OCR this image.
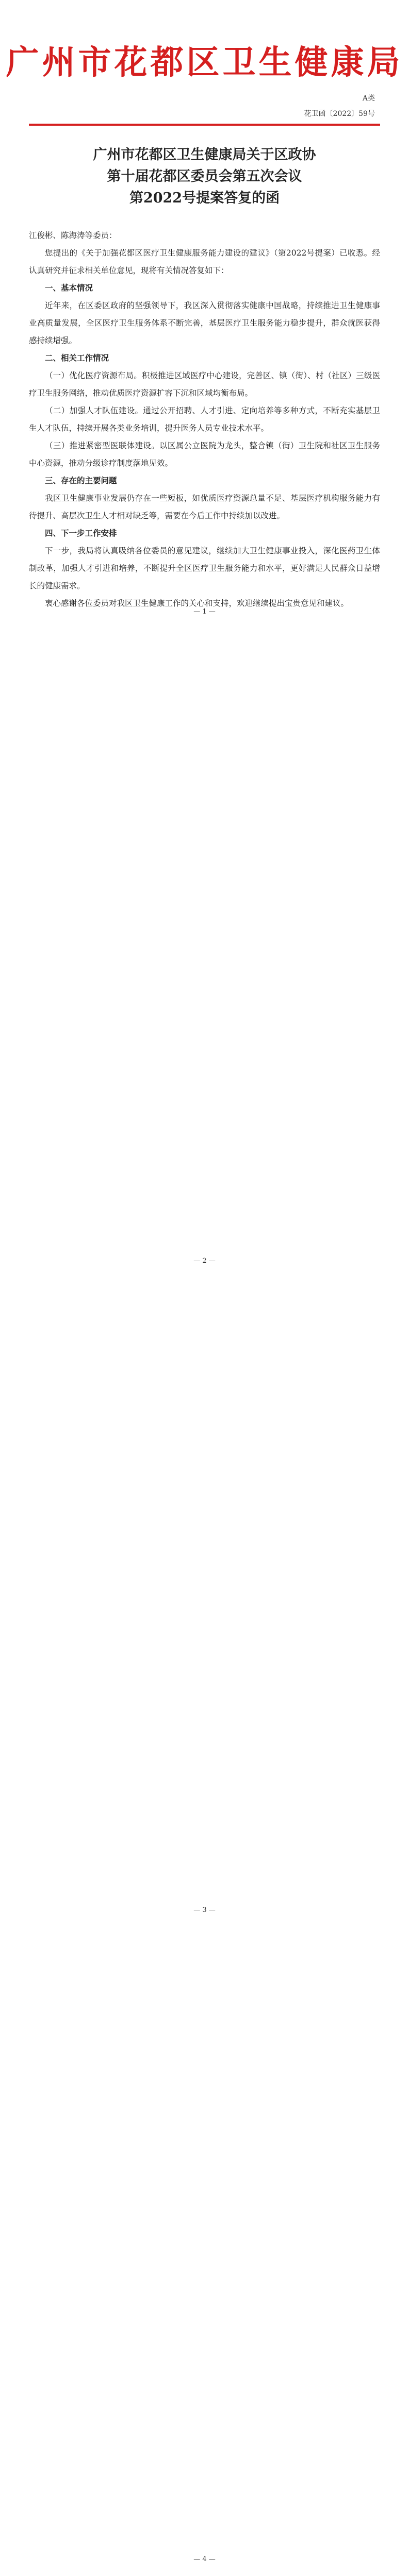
广州市花都区卫生健康局
A类
花卫函〔2022〕59号
广州市花都区卫生健康局关于区政协
第十届花都区委员会第五次会议
第2022号提案答复的函

江俊彬、陈海涛等委员：

您提出的《关于加强花都区医疗卫生健康服务能力建设的建议》（第2022号提案）已收悉。经认真研究并征求相关单位意见，现将有关情况答复如下：

一、基本情况

近年来，在区委区政府的坚强领导下，我区深入贯彻落实健康中国战略，持续推进卫生健康事业高质量发展，全区医疗卫生服务体系不断完善，基层医疗卫生服务能力稳步提升，群众就医获得感持续增强。

二、相关工作情况

（一）优化医疗资源布局。积极推进区域医疗中心建设，完善区、镇（街）、村（社区）三级医疗卫生服务网络，推动优质医疗资源扩容下沉和区域均衡布局。

（二）加强人才队伍建设。通过公开招聘、人才引进、定向培养等多种方式，不断充实基层卫生人才队伍，持续开展各类业务培训，提升医务人员专业技术水平。

（三）推进紧密型医联体建设。以区属公立医院为龙头，整合镇（街）卫生院和社区卫生服务中心资源，推动分级诊疗制度落地见效。

三、存在的主要问题

我区卫生健康事业发展仍存在一些短板，如优质医疗资源总量不足、基层医疗机构服务能力有待提升、高层次卫生人才相对缺乏等，需要在今后工作中持续加以改进。

四、下一步工作安排

下一步，我局将认真吸纳各位委员的意见建议，继续加大卫生健康事业投入，深化医药卫生体制改革，加强人才引进和培养，不断提升全区医疗卫生服务能力和水平，更好满足人民群众日益增长的健康需求。

衷心感谢各位委员对我区卫生健康工作的关心和支持，欢迎继续提出宝贵意见和建议。

— 1 —
— 2 —
— 3 —
— 4 —
